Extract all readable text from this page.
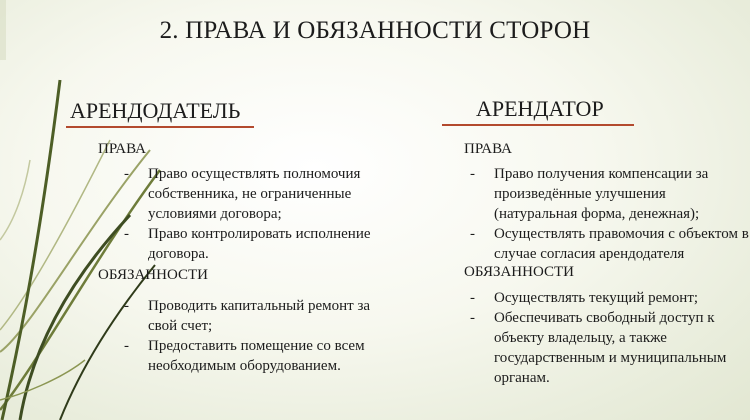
2. ПРАВА И ОБЯЗАННОСТИ СТОРОН
АРЕНДОДАТЕЛЬ	АРЕНДАТОР

ПРАВА

- Право осуществлять полномочия собственника, не ограниченные условиями договора;
- Право контролировать исполнение договора.

ОБЯЗАННОСТИ

- Проводить капитальный ремонт за свой счет;
- Предоставить помещение со всем необходимым оборудованием.

ПРАВА

- Право получения компенсации за произведённые улучшения (натуральная форма, денежная);
- Осуществлять правомочия с объектом в случае согласия арендодателя

ОБЯЗАННОСТИ

- Осуществлять текущий ремонт;
- Обеспечивать свободный доступ к объекту владельцу, а также государственным и муниципальным органам.
